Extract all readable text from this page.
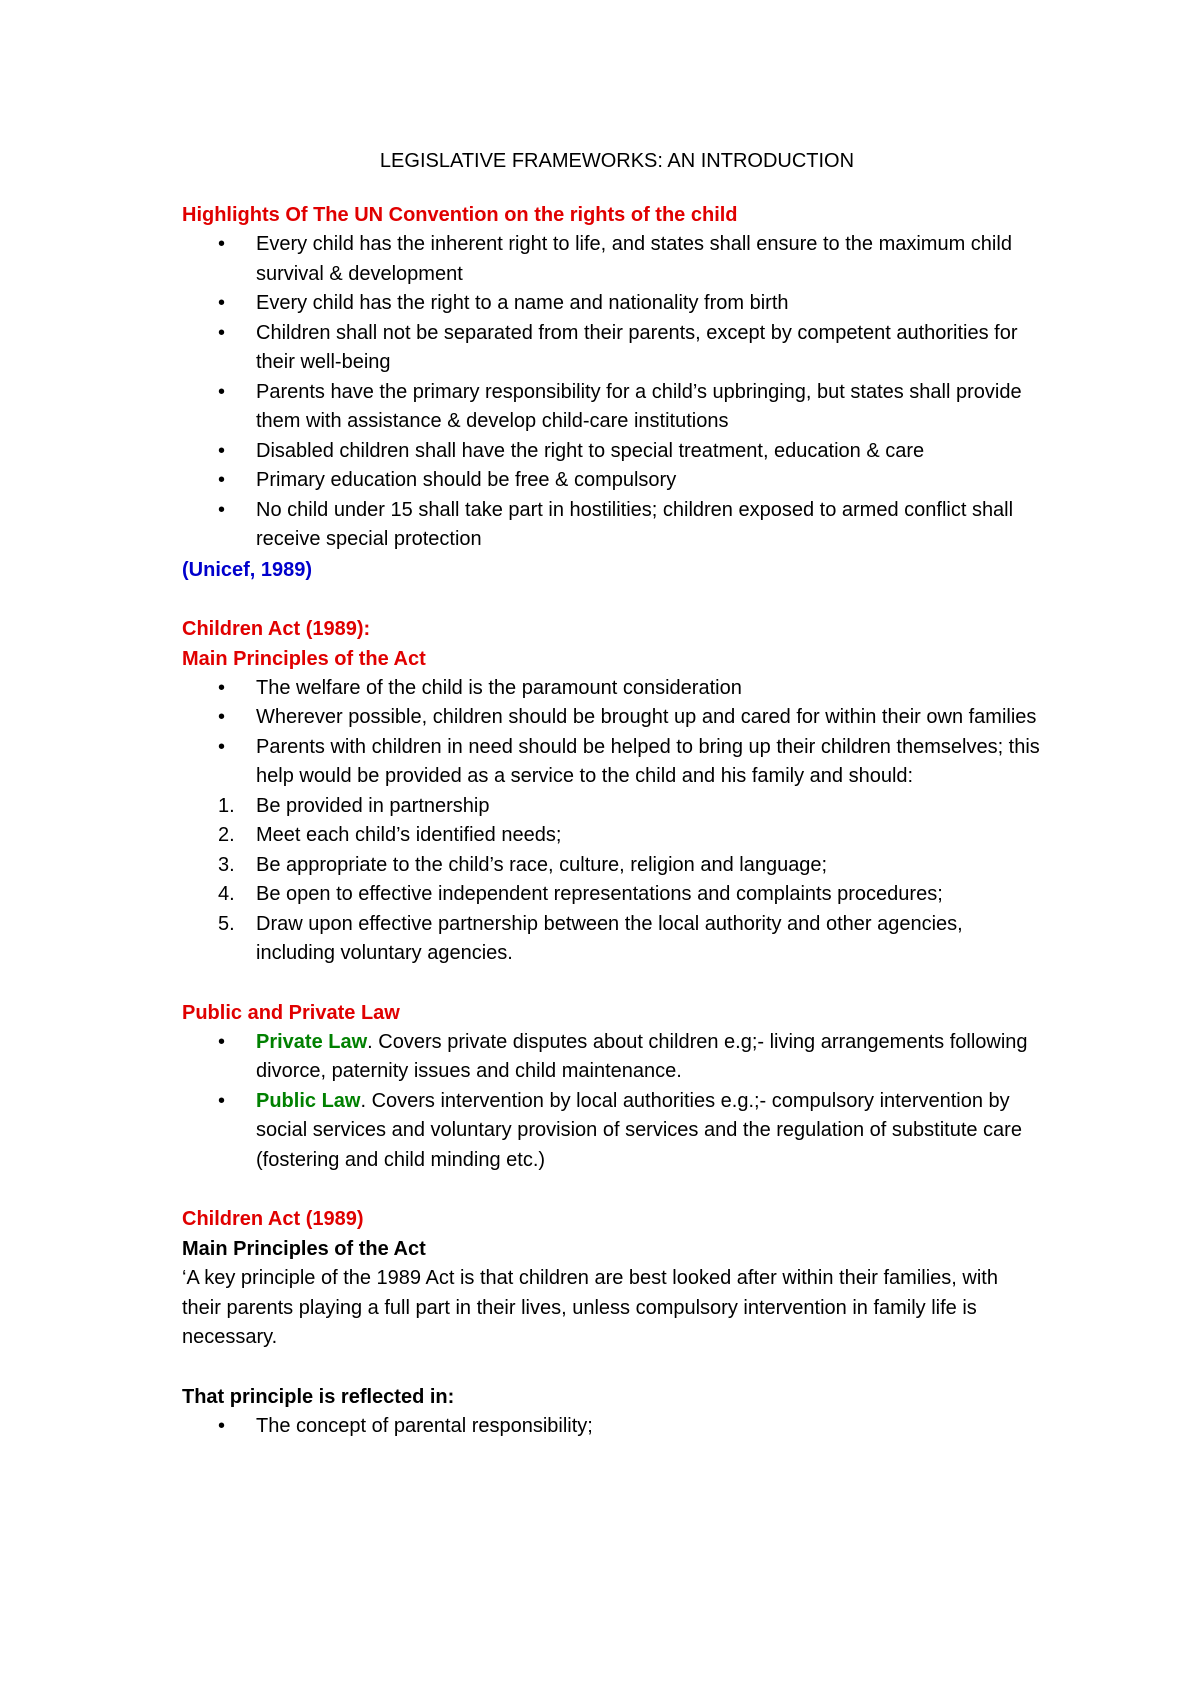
LEGISLATIVE FRAMEWORKS: AN INTRODUCTION

Highlights Of The UN Convention on the rights of the child

• Every child has the inherent right to life, and states shall ensure to the maximum child survival & development
• Every child has the right to a name and nationality from birth
• Children shall not be separated from their parents, except by competent authorities for their well-being
• Parents have the primary responsibility for a child’s upbringing, but states shall provide them with assistance & develop child-care institutions
• Disabled children shall have the right to special treatment, education & care
• Primary education should be free & compulsory
• No child under 15 shall take part in hostilities; children exposed to armed conflict shall receive special protection

(Unicef, 1989)

Children Act (1989):

Main Principles of the Act

• The welfare of the child is the paramount consideration
• Wherever possible, children should be brought up and cared for within their own families
• Parents with children in need should be helped to bring up their children themselves; this help would be provided as a service to the child and his family and should:
1. Be provided in partnership
2. Meet each child’s identified needs;
3. Be appropriate to the child’s race, culture, religion and language;
4. Be open to effective independent representations and complaints procedures;
5. Draw upon effective partnership between the local authority and other agencies, including voluntary agencies.

Public and Private Law

• Private Law. Covers private disputes about children e.g;- living arrangements following divorce, paternity issues and child maintenance.
• Public Law. Covers intervention by local authorities e.g.;- compulsory intervention by social services and voluntary provision of services and the regulation of substitute care (fostering and child minding etc.)

Children Act (1989)

Main Principles of the Act

‘A key principle of the 1989 Act is that children are best looked after within their families, with their parents playing a full part in their lives, unless compulsory intervention in family life is necessary.

That principle is reflected in:

• The concept of parental responsibility;
